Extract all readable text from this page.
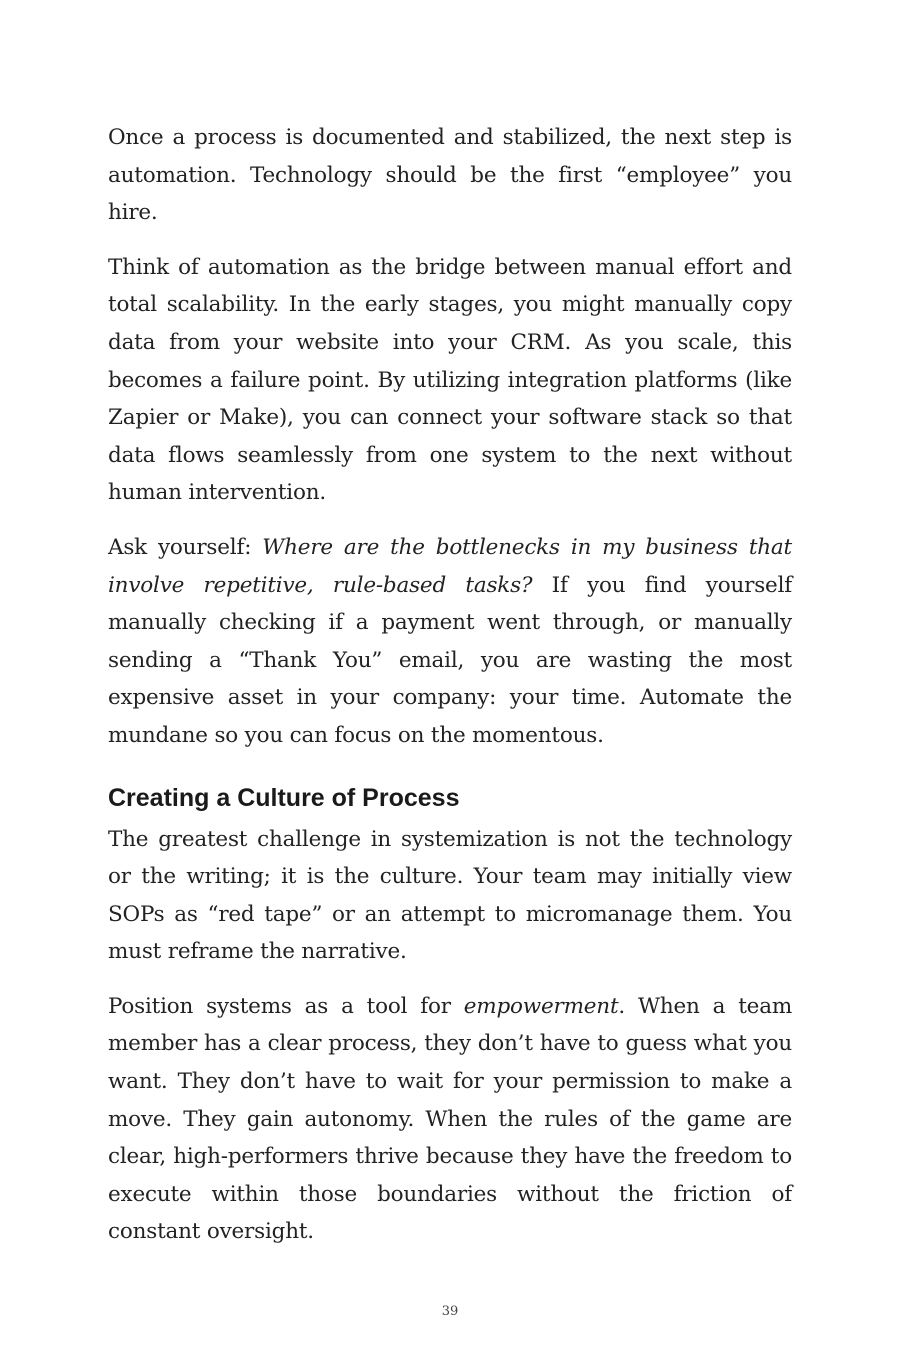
Once a process is documented and stabilized, the next step is automation. Technology should be the first “employee” you hire.

Think of automation as the bridge between manual effort and total scalability. In the early stages, you might manually copy data from your website into your CRM. As you scale, this becomes a failure point. By utilizing integration platforms (like Zapier or Make), you can connect your software stack so that data flows seamlessly from one system to the next without human intervention.

Ask yourself: Where are the bottlenecks in my business that involve repetitive, rule-based tasks? If you find yourself manually checking if a payment went through, or manually sending a “Thank You” email, you are wasting the most expensive asset in your company: your time. Automate the mundane so you can focus on the momentous.

Creating a Culture of Process

The greatest challenge in systemization is not the technology or the writing; it is the culture. Your team may initially view SOPs as “red tape” or an attempt to micromanage them. You must reframe the narrative.

Position systems as a tool for empowerment. When a team member has a clear process, they don’t have to guess what you want. They don’t have to wait for your permission to make a move. They gain autonomy. When the rules of the game are clear, high-performers thrive because they have the freedom to execute within those boundaries without the friction of constant oversight.

39
